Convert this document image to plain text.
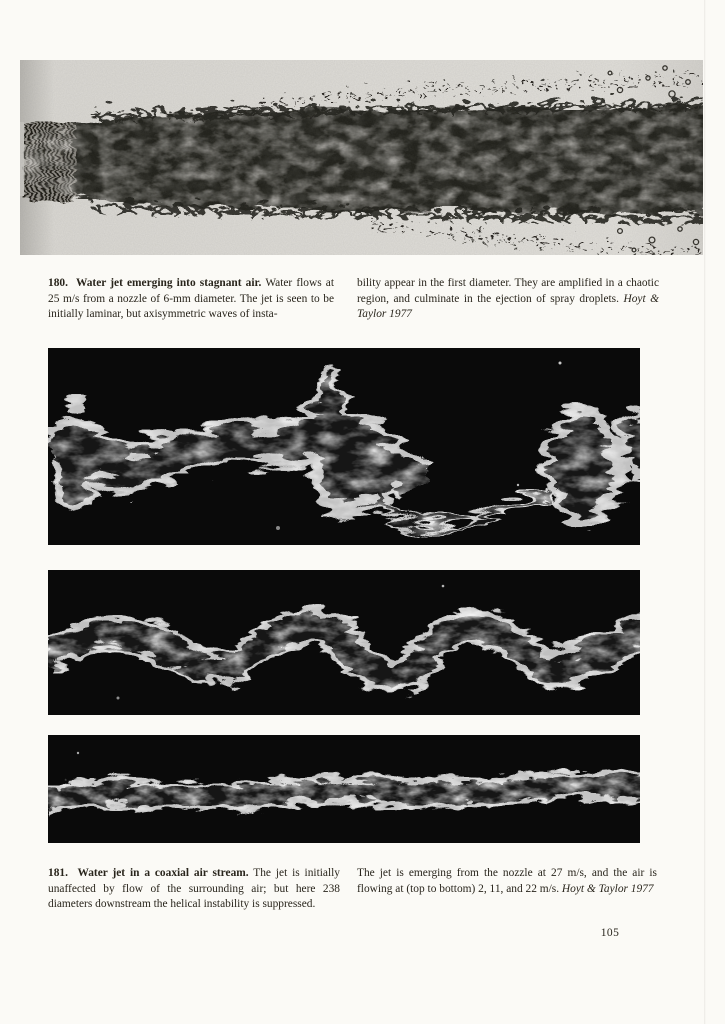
180.  Water jet emerging into stagnant air. Water flows at 25 m/s from a nozzle of 6-mm diameter. The jet is seen to be initially laminar, but axisymmetric waves of insta-

bility appear in the first diameter. They are amplified in a chaotic region, and culminate in the ejection of spray droplets. Hoyt & Taylor 1977

181.  Water jet in a coaxial air stream. The jet is initially unaffected by flow of the surrounding air; but here 238 diameters downstream the helical instability is suppressed.

The jet is emerging from the nozzle at 27 m/s, and the air is flowing at (top to bottom) 2, 11, and 22 m/s. Hoyt & Taylor 1977

105
